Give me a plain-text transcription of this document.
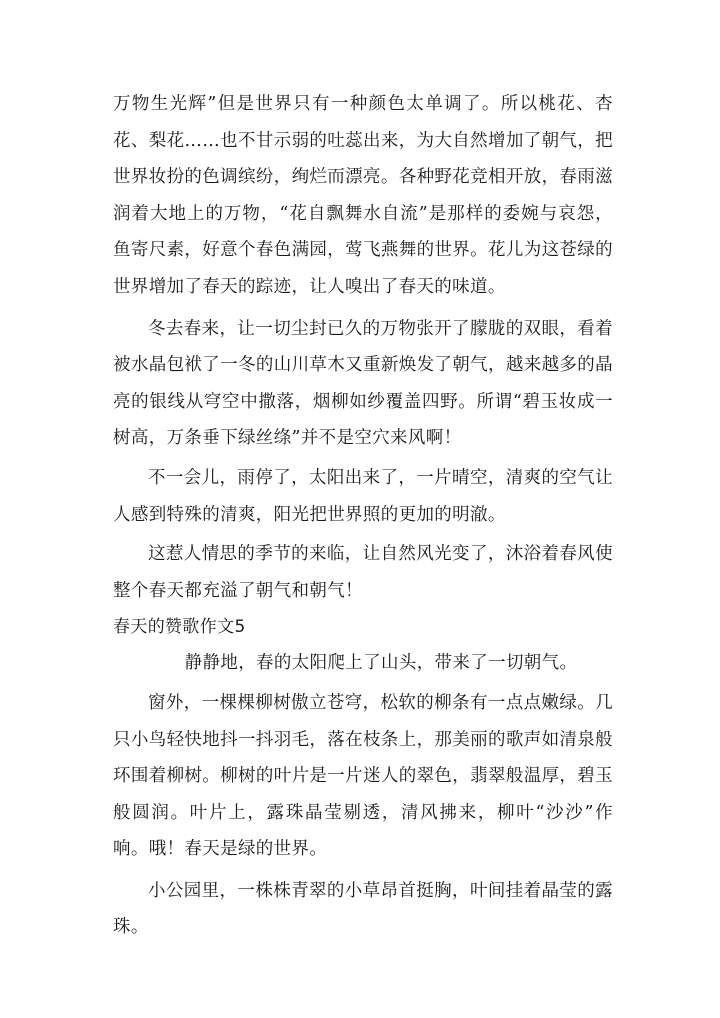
万物生光辉”但是世界只有一种颜色太单调了。所以桃花、杏花、梨花……也不甘示弱的吐蕊出来，为大自然增加了朝气，把世界妆扮的色调缤纷，绚烂而漂亮。各种野花竞相开放，春雨滋润着大地上的万物，“花自飘舞水自流”是那样的委婉与哀怨，鱼寄尺素，好意个春色满园，莺飞燕舞的世界。花儿为这苍绿的世界增加了春天的踪迹，让人嗅出了春天的味道。

冬去春来，让一切尘封已久的万物张开了朦胧的双眼，看着被水晶包袱了一冬的山川草木又重新焕发了朝气，越来越多的晶亮的银线从穹空中撒落，烟柳如纱覆盖四野。所谓“碧玉妆成一树高，万条垂下绿丝绦”并不是空穴来风啊！

不一会儿，雨停了，太阳出来了，一片晴空，清爽的空气让人感到特殊的清爽，阳光把世界照的更加的明澈。

这惹人情思的季节的来临，让自然风光变了，沐浴着春风使整个春天都充溢了朝气和朝气！

春天的赞歌作文5

静静地，春的太阳爬上了山头，带来了一切朝气。

窗外，一棵棵柳树傲立苍穹，松软的柳条有一点点嫩绿。几只小鸟轻快地抖一抖羽毛，落在枝条上，那美丽的歌声如清泉般环围着柳树。柳树的叶片是一片迷人的翠色，翡翠般温厚，碧玉般圆润。叶片上，露珠晶莹剔透，清风拂来，柳叶“沙沙”作响。哦！春天是绿的世界。

小公园里，一株株青翠的小草昂首挺胸，叶间挂着晶莹的露珠。
